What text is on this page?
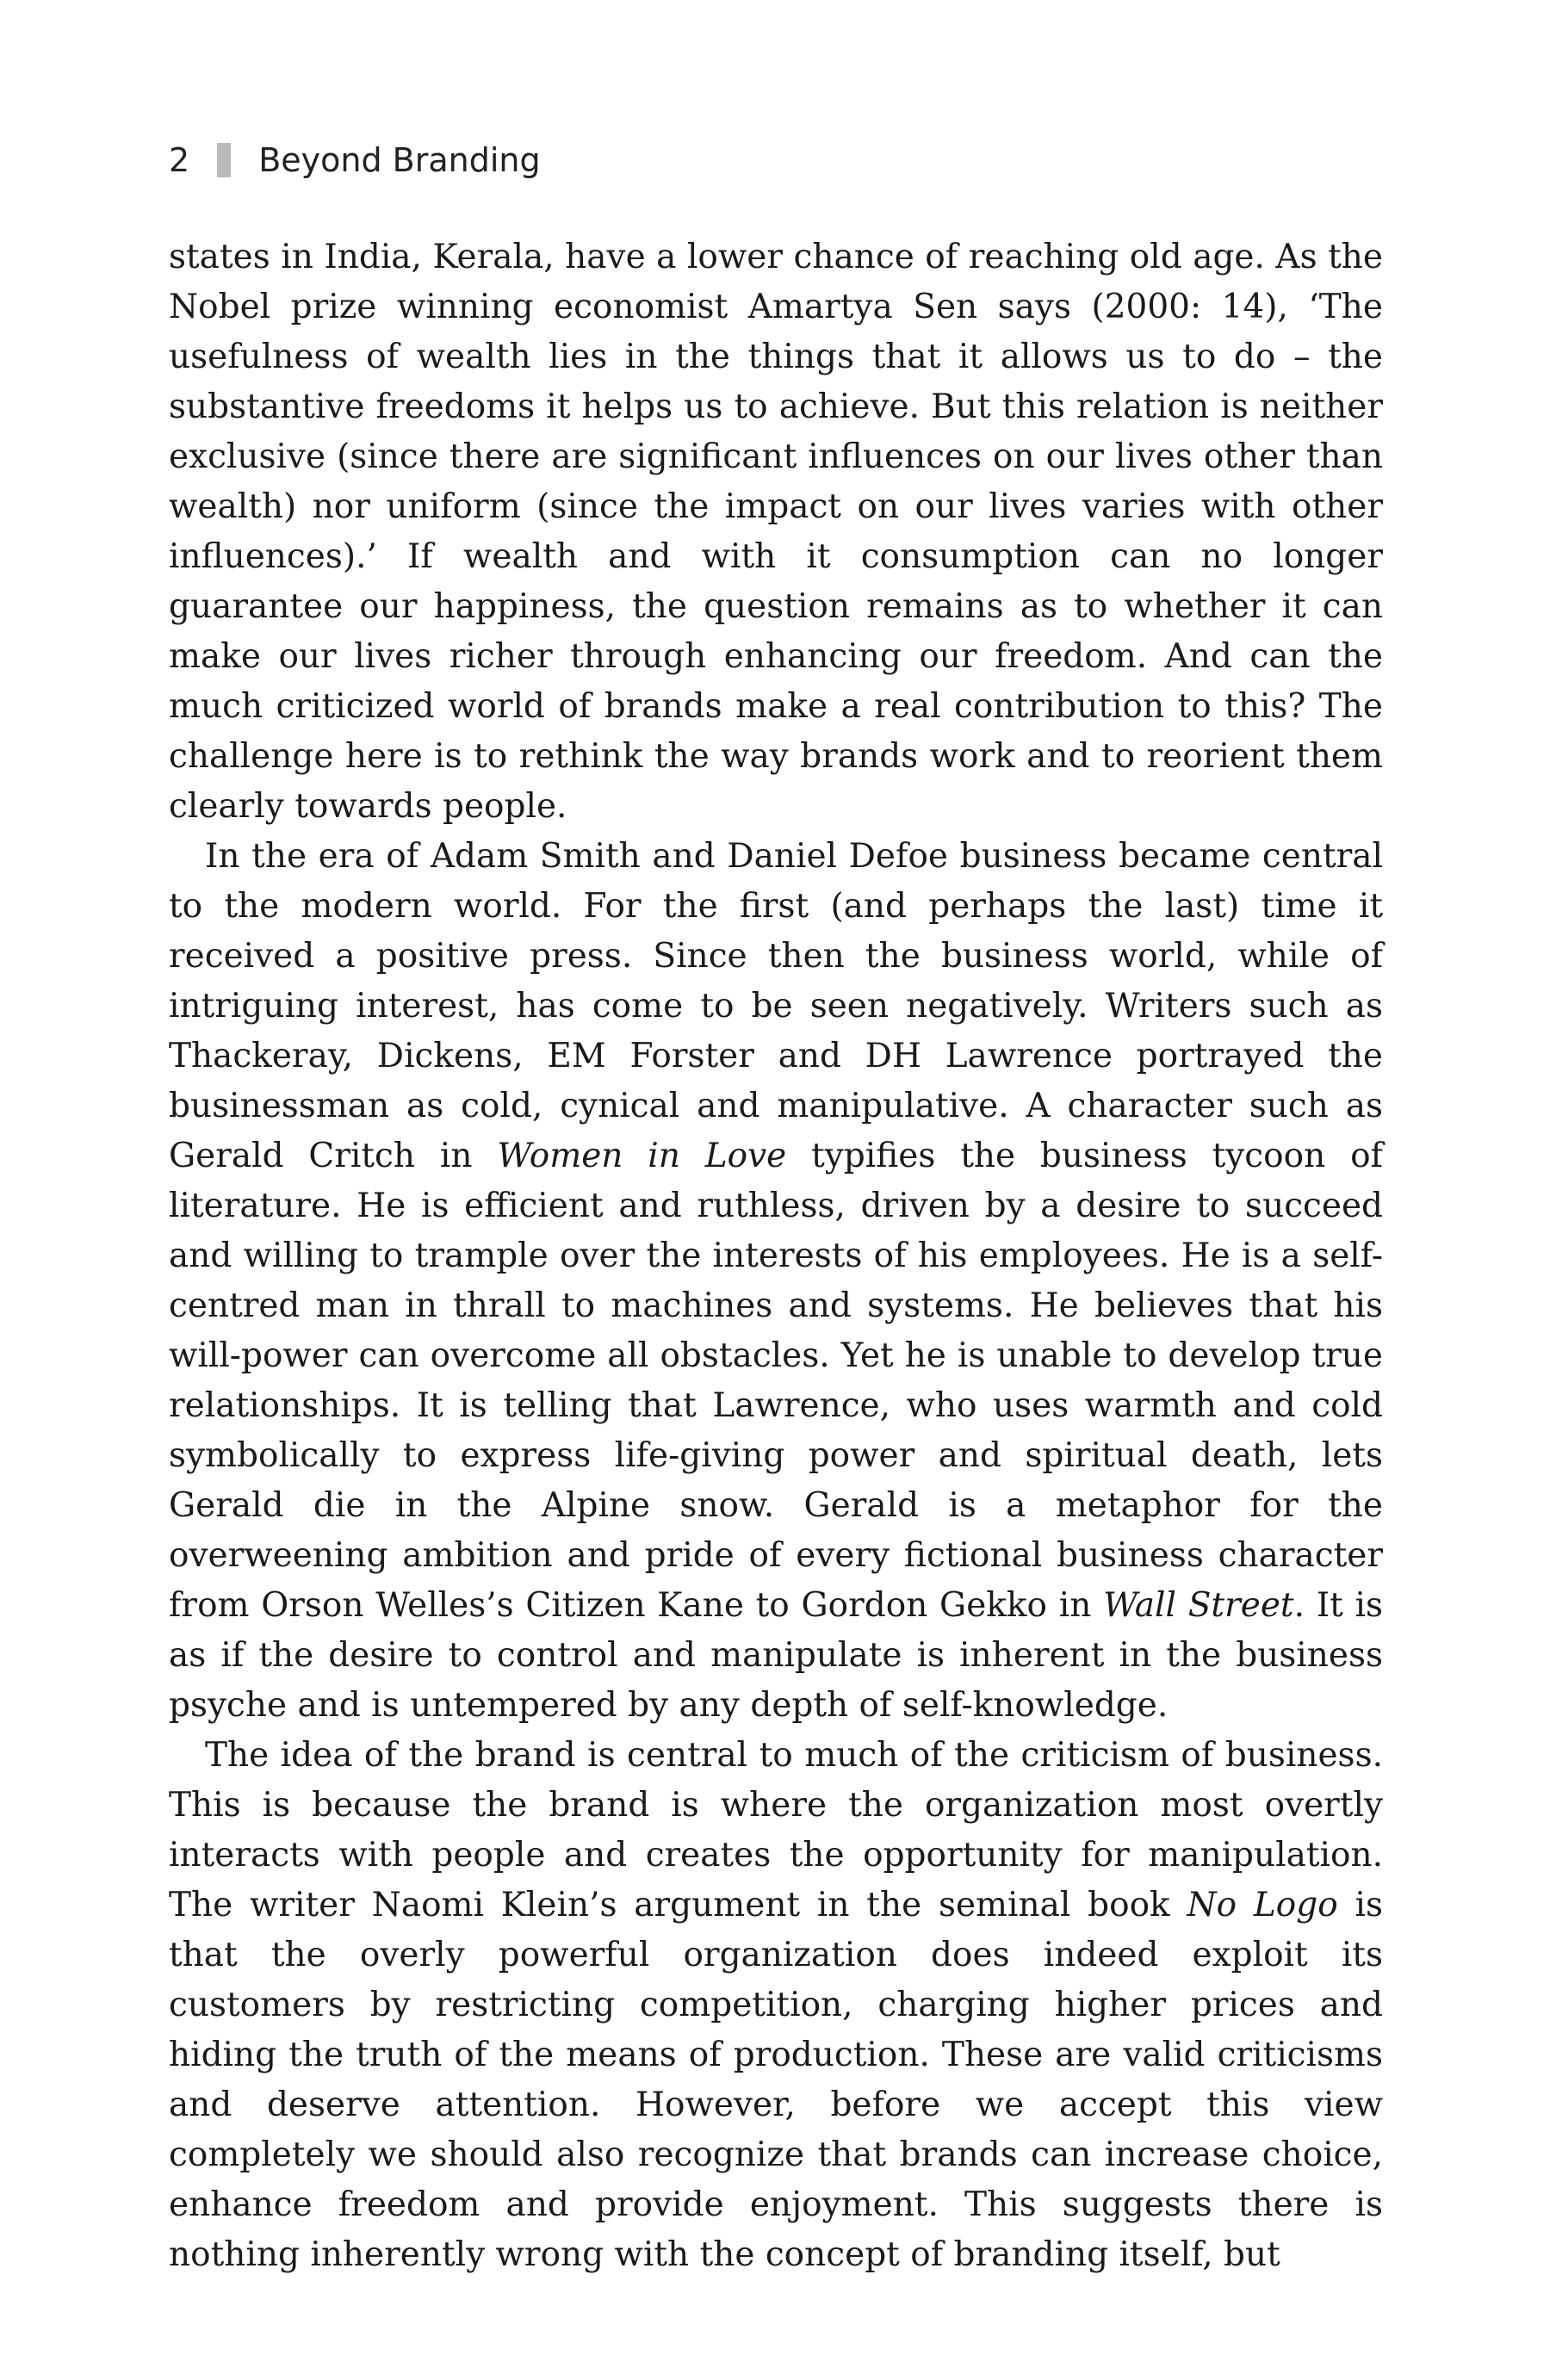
2 Beyond Branding

states in India, Kerala, have a lower chance of reaching old age. As the Nobel prize winning economist Amartya Sen says (2000: 14), ‘The usefulness of wealth lies in the things that it allows us to do – the substantive freedoms it helps us to achieve. But this relation is neither exclusive (since there are significant influences on our lives other than wealth) nor uniform (since the impact on our lives varies with other influences).’ If wealth and with it consumption can no longer guarantee our happiness, the question remains as to whether it can make our lives richer through enhancing our freedom. And can the much criticized world of brands make a real contribution to this? The challenge here is to rethink the way brands work and to reorient them clearly towards people.

In the era of Adam Smith and Daniel Defoe business became central to the modern world. For the first (and perhaps the last) time it received a positive press. Since then the business world, while of intriguing interest, has come to be seen negatively. Writers such as Thackeray, Dickens, EM Forster and DH Lawrence portrayed the businessman as cold, cynical and manipulative. A character such as Gerald Critch in Women in Love typifies the business tycoon of literature. He is efficient and ruthless, driven by a desire to succeed and willing to trample over the interests of his employees. He is a self-centred man in thrall to machines and systems. He believes that his will-power can overcome all obstacles. Yet he is unable to develop true relationships. It is telling that Lawrence, who uses warmth and cold symbolically to express life-giving power and spiritual death, lets Gerald die in the Alpine snow. Gerald is a metaphor for the overweening ambition and pride of every fictional business character from Orson Welles’s Citizen Kane to Gordon Gekko in Wall Street. It is as if the desire to control and manipulate is inherent in the business psyche and is untempered by any depth of self-knowledge.

The idea of the brand is central to much of the criticism of business. This is because the brand is where the organization most overtly interacts with people and creates the opportunity for manipulation. The writer Naomi Klein’s argument in the seminal book No Logo is that the overly powerful organization does indeed exploit its customers by restricting competition, charging higher prices and hiding the truth of the means of production. These are valid criticisms and deserve attention. However, before we accept this view completely we should also recognize that brands can increase choice, enhance freedom and provide enjoyment. This suggests there is nothing inherently wrong with the concept of branding itself, but
